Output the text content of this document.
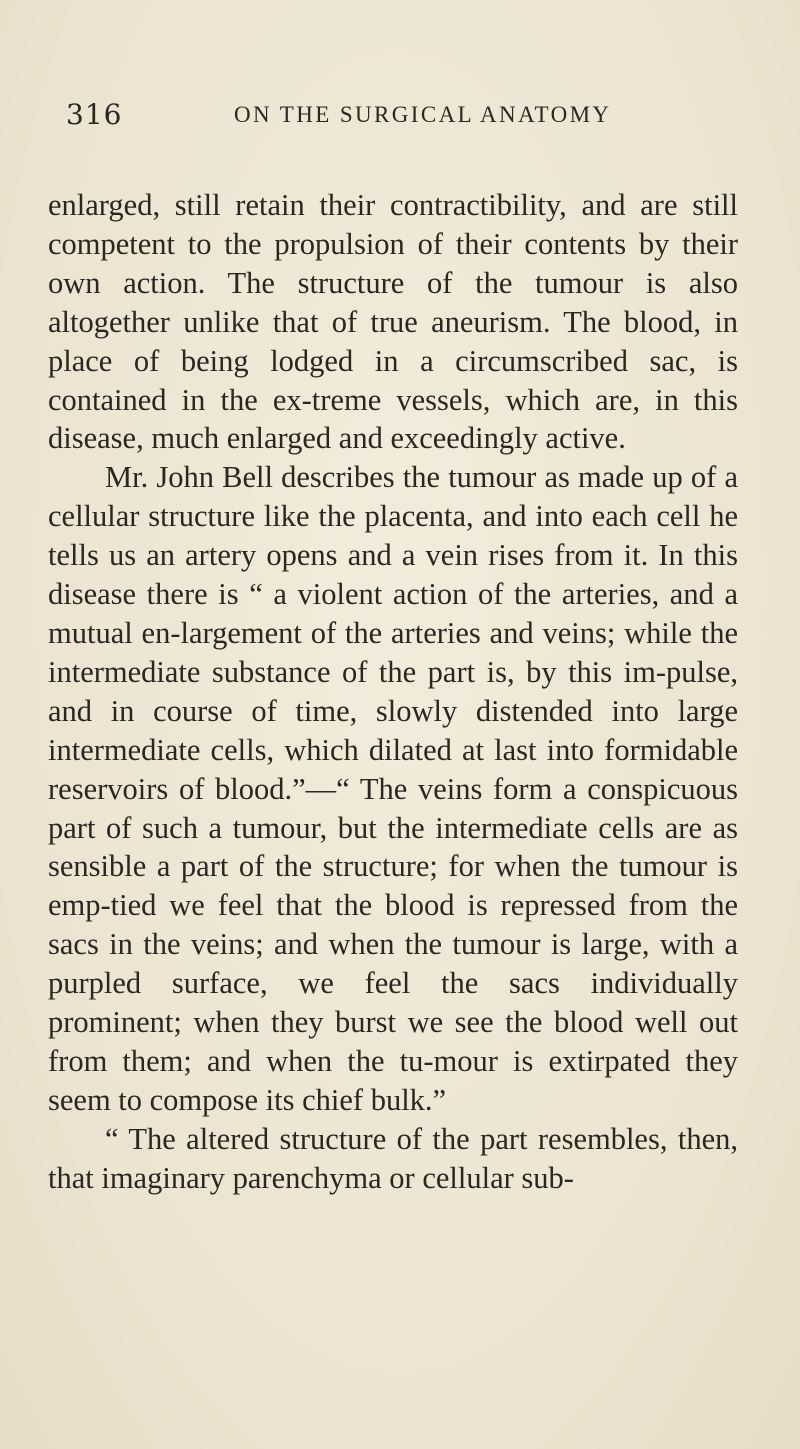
316	ON THE SURGICAL ANATOMY

enlarged, still retain their contractibility, and are still competent to the propulsion of their contents by their own action. The structure of the tumour is also altogether unlike that of true aneurism. The blood, in place of being lodged in a circumscribed sac, is contained in the ex-treme vessels, which are, in this disease, much enlarged and exceedingly active.

Mr. John Bell describes the tumour as made up of a cellular structure like the placenta, and into each cell he tells us an artery opens and a vein rises from it. In this disease there is “ a violent action of the arteries, and a mutual en-largement of the arteries and veins; while the intermediate substance of the part is, by this im-pulse, and in course of time, slowly distended into large intermediate cells, which dilated at last into formidable reservoirs of blood.”—“ The veins form a conspicuous part of such a tumour, but the intermediate cells are as sensible a part of the structure; for when the tumour is emp-tied we feel that the blood is repressed from the sacs in the veins; and when the tumour is large, with a purpled surface, we feel the sacs individually prominent; when they burst we see the blood well out from them; and when the tu-mour is extirpated they seem to compose its chief bulk.”

“ The altered structure of the part resembles, then, that imaginary parenchyma or cellular sub-
